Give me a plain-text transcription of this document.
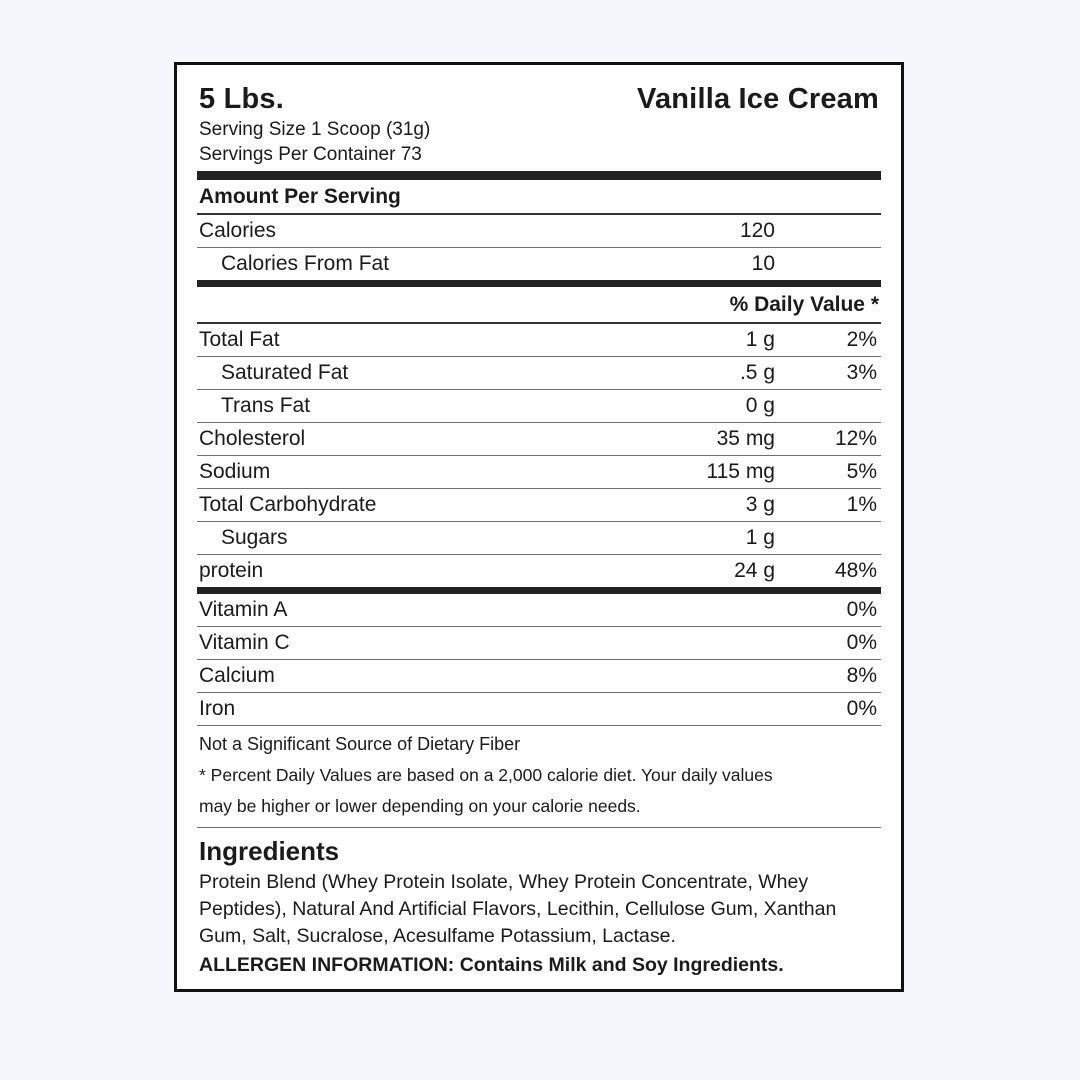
5 Lbs.	Vanilla Ice Cream
Serving Size 1 Scoop (31g)
Servings Per Container 73
Amount Per Serving
Calories	120
Calories From Fat	10
% Daily Value *
Total Fat	1 g	2%
Saturated Fat	.5 g	3%
Trans Fat	0 g
Cholesterol	35 mg	12%
Sodium	115 mg	5%
Total Carbohydrate	3 g	1%
Sugars	1 g
protein	24 g	48%
Vitamin A	0%
Vitamin C	0%
Calcium	8%
Iron	0%
Not a Significant Source of Dietary Fiber
* Percent Daily Values are based on a 2,000 calorie diet. Your daily values
may be higher or lower depending on your calorie needs.
Ingredients
Protein Blend (Whey Protein Isolate, Whey Protein Concentrate, Whey Peptides), Natural And Artificial Flavors, Lecithin, Cellulose Gum, Xanthan Gum, Salt, Sucralose, Acesulfame Potassium, Lactase.
ALLERGEN INFORMATION: Contains Milk and Soy Ingredients.
